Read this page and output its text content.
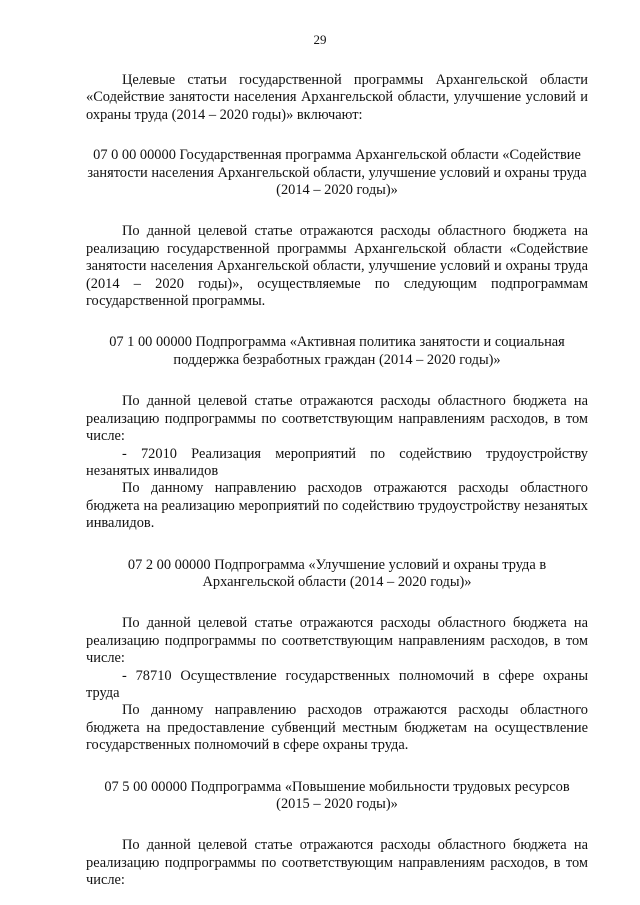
29

Целевые статьи государственной программы Архангельской области «Содействие занятости населения Архангельской области, улучшение условий и охраны труда (2014 – 2020 годы)» включают:

07 0 00 00000 Государственная программа Архангельской области «Содействие занятости населения Архангельской области, улучшение условий и охраны труда (2014 – 2020 годы)»

По данной целевой статье отражаются расходы областного бюджета на реализацию государственной программы Архангельской области «Содействие занятости населения Архангельской области, улучшение условий и охраны труда (2014 – 2020 годы)», осуществляемые по следующим подпрограммам государственной программы.

07 1 00 00000 Подпрограмма «Активная политика занятости и социальная поддержка безработных граждан (2014 – 2020 годы)»

По данной целевой статье отражаются расходы областного бюджета на реализацию подпрограммы по соответствующим направлениям расходов, в том числе:

- 72010 Реализация мероприятий по содействию трудоустройству незанятых инвалидов

По данному направлению расходов отражаются расходы областного бюджета на реализацию мероприятий по содействию трудоустройству незанятых инвалидов.

07 2 00 00000 Подпрограмма «Улучшение условий и охраны труда в Архангельской области (2014 – 2020 годы)»

По данной целевой статье отражаются расходы областного бюджета на реализацию подпрограммы по соответствующим направлениям расходов, в том числе:

- 78710 Осуществление государственных полномочий в сфере охраны труда

По данному направлению расходов отражаются расходы областного бюджета на предоставление субвенций местным бюджетам на осуществление государственных полномочий в сфере охраны труда.

07 5 00 00000 Подпрограмма «Повышение мобильности трудовых ресурсов (2015 – 2020 годы)»

По данной целевой статье отражаются расходы областного бюджета на реализацию подпрограммы по соответствующим направлениям расходов, в том числе:
